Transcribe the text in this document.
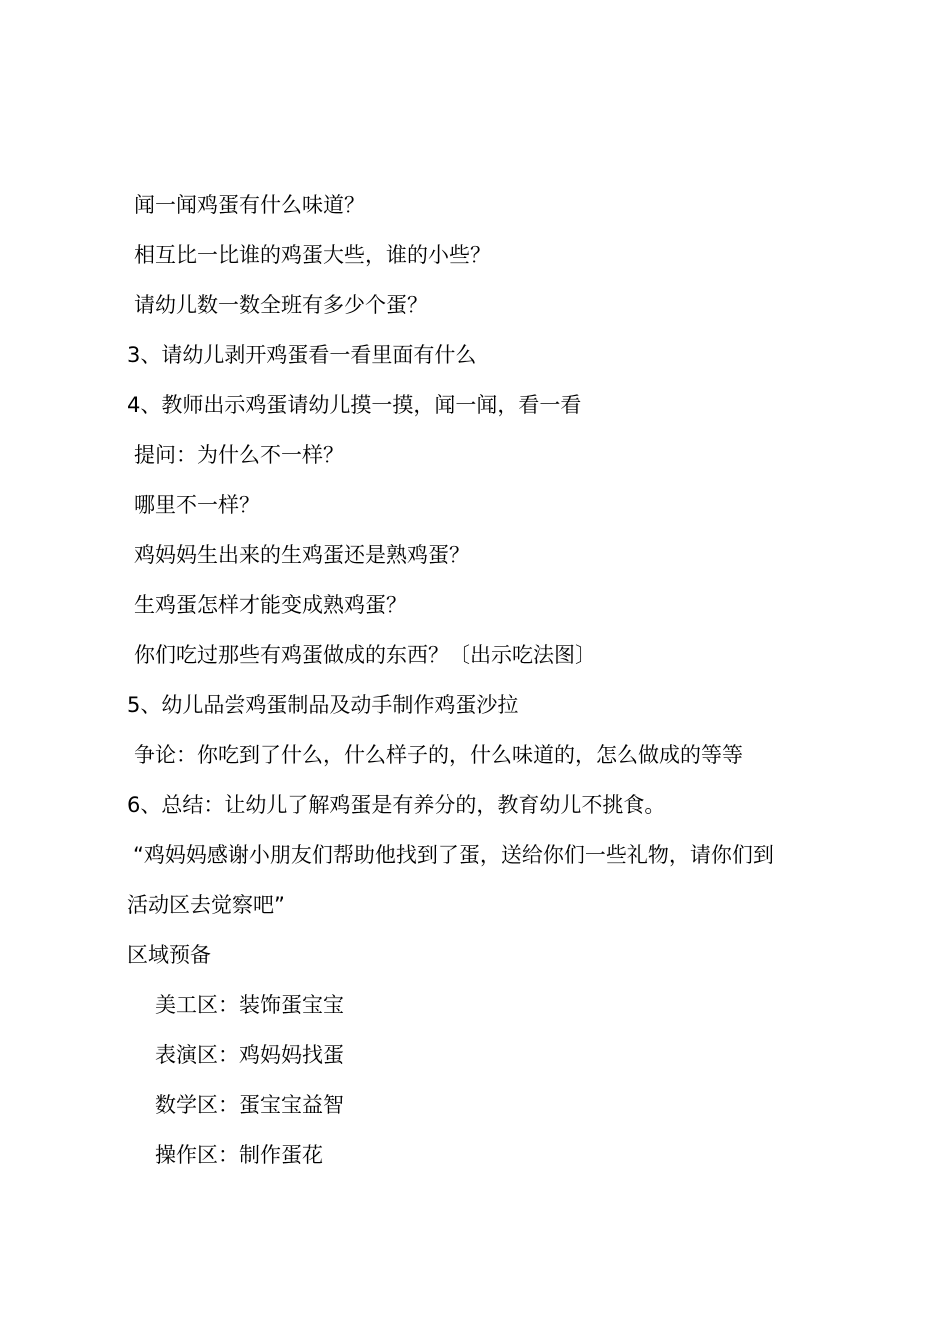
闻一闻鸡蛋有什么味道？
相互比一比谁的鸡蛋大些，谁的小些？
请幼儿数一数全班有多少个蛋？
3、请幼儿剥开鸡蛋看一看里面有什么
4、教师出示鸡蛋请幼儿摸一摸，闻一闻，看一看
提问：为什么不一样？
哪里不一样？
鸡妈妈生出来的生鸡蛋还是熟鸡蛋？
生鸡蛋怎样才能变成熟鸡蛋？
你们吃过那些有鸡蛋做成的东西？〔出示吃法图〕
5、幼儿品尝鸡蛋制品及动手制作鸡蛋沙拉
争论：你吃到了什么，什么样子的，什么味道的，怎么做成的等等
6、总结：让幼儿了解鸡蛋是有养分的，教育幼儿不挑食。
“鸡妈妈感谢小朋友们帮助他找到了蛋，送给你们一些礼物，请你们到
活动区去觉察吧”
区域预备
美工区：装饰蛋宝宝
表演区：鸡妈妈找蛋
数学区：蛋宝宝益智
操作区：制作蛋花
